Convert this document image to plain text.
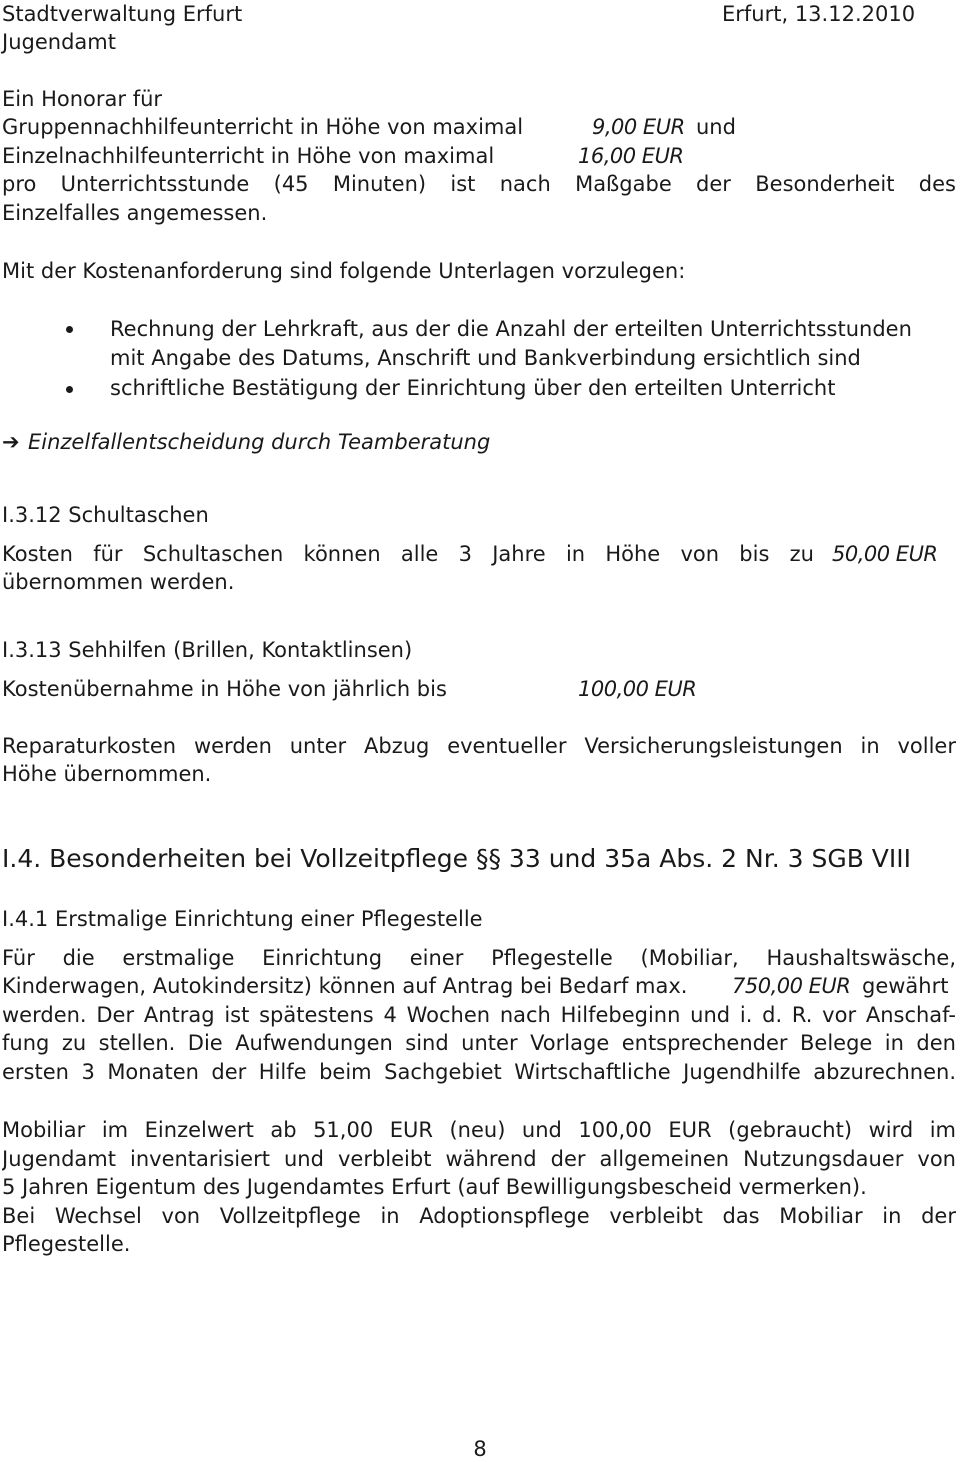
Stadtverwaltung Erfurt	Erfurt, 13.12.2010
Jugendamt
Ein Honorar für
Gruppennachhilfeunterricht in Höhe von maximal	9,00 EUR und
Einzelnachhilfeunterricht in Höhe von maximal	16,00 EUR
pro Unterrichtsstunde (45 Minuten) ist nach Maßgabe der Besonderheit des
Einzelfalles angemessen.
Mit der Kostenanforderung sind folgende Unterlagen vorzulegen:
Rechnung der Lehrkraft, aus der die Anzahl der erteilten Unterrichtsstunden
mit Angabe des Datums, Anschrift und Bankverbindung ersichtlich sind
schriftliche Bestätigung der Einrichtung über den erteilten Unterricht
➔ Einzelfallentscheidung durch Teamberatung
I.3.12 Schultaschen
Kosten für Schultaschen können alle 3 Jahre in Höhe von bis zu 50,00 EUR
übernommen werden.
I.3.13 Sehhilfen (Brillen, Kontaktlinsen)
Kostenübernahme in Höhe von jährlich bis	100,00 EUR
Reparaturkosten werden unter Abzug eventueller Versicherungsleistungen in voller
Höhe übernommen.
I.4. Besonderheiten bei Vollzeitpflege §§ 33 und 35a Abs. 2 Nr. 3 SGB VIII
I.4.1 Erstmalige Einrichtung einer Pflegestelle
Für die erstmalige Einrichtung einer Pflegestelle (Mobiliar, Haushaltswäsche,
Kinderwagen, Autokindersitz) können auf Antrag bei Bedarf max. 750,00 EUR gewährt
werden. Der Antrag ist spätestens 4 Wochen nach Hilfebeginn und i. d. R. vor Anschaf-
fung zu stellen. Die Aufwendungen sind unter Vorlage entsprechender Belege in den
ersten 3 Monaten der Hilfe beim Sachgebiet Wirtschaftliche Jugendhilfe abzurechnen.
Mobiliar im Einzelwert ab 51,00 EUR (neu) und 100,00 EUR (gebraucht) wird im
Jugendamt inventarisiert und verbleibt während der allgemeinen Nutzungsdauer von
5 Jahren Eigentum des Jugendamtes Erfurt (auf Bewilligungsbescheid vermerken).
Bei Wechsel von Vollzeitpflege in Adoptionspflege verbleibt das Mobiliar in der
Pflegestelle.
8
